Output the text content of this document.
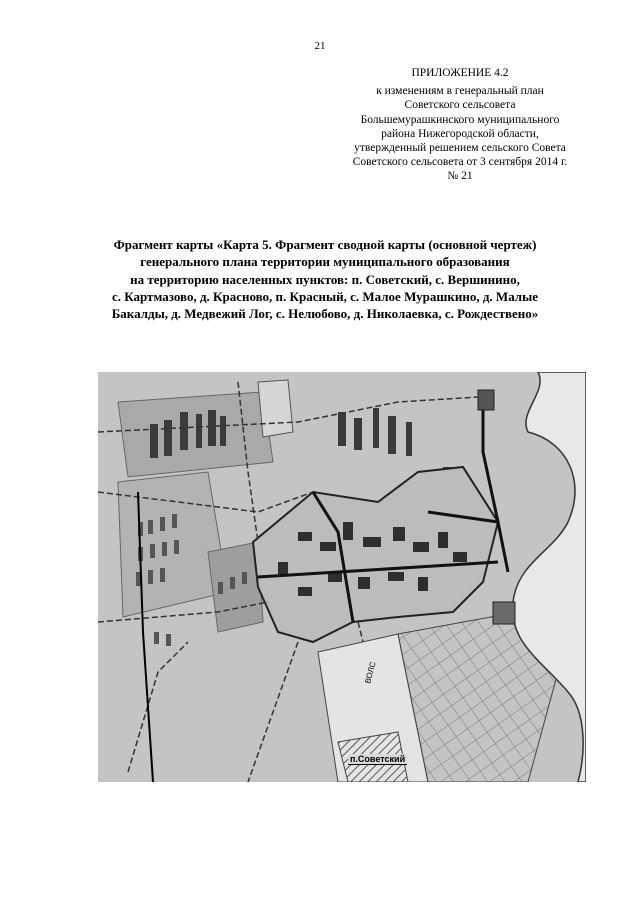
21
ПРИЛОЖЕНИЕ 4.2
к изменениям в генеральный план
Советского сельсовета
Большемурашкинского муниципального
района Нижегородской области,
утвержденный решением сельского Совета
Советского сельсовета от 3 сентября 2014 г.
№ 21
Фрагмент карты «Карта 5. Фрагмент сводной карты (основной чертеж)
генерального плана территории муниципального образования
на территорию населенных пунктов: п. Советский, с. Вершинино,
с. Картмазово, д. Красново, п. Красный, с. Малое Мурашкино, д. Малые
Бакалды, д. Медвежий Лог, с. Нелюбово, д. Николаевка, с. Рождествено»
ВОЛС
п.Советский
